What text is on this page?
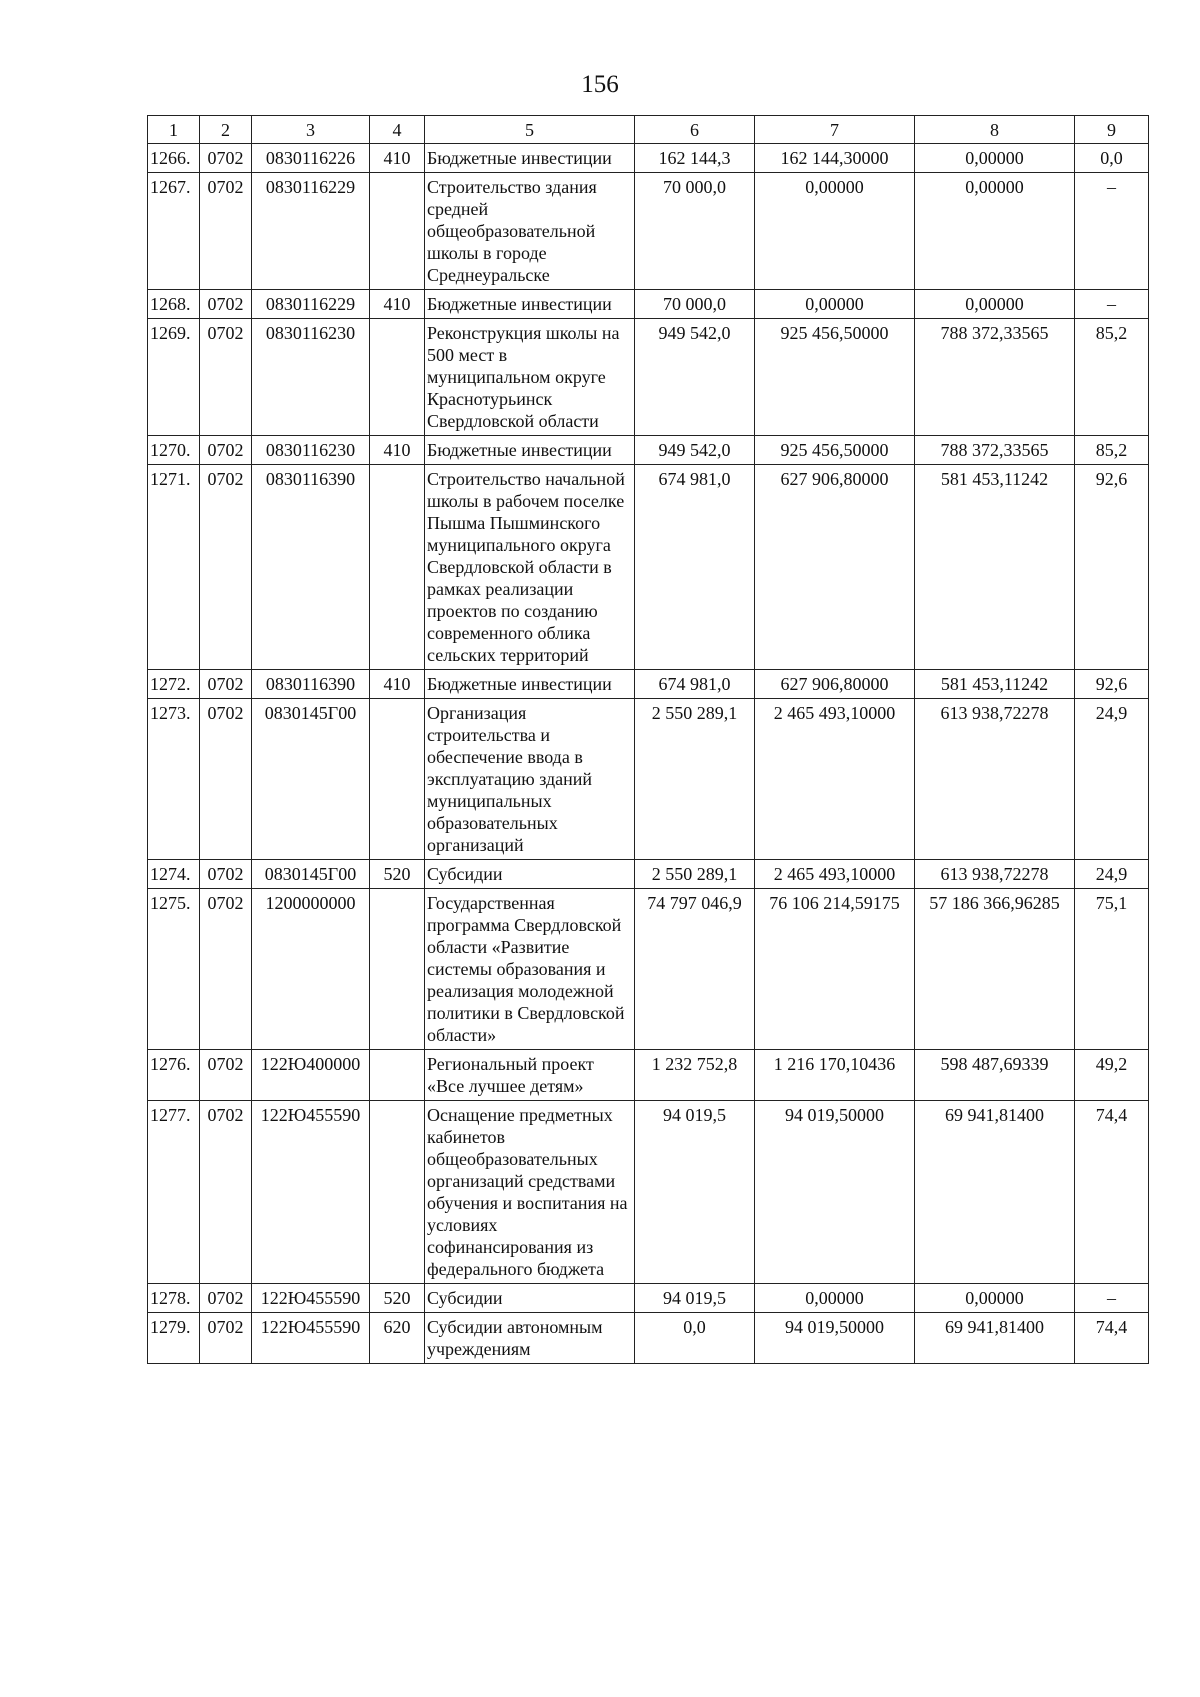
156
1	2	3	4	5	6	7	8	9
1266.	0702	0830116226	410	Бюджетные инвестиции	162 144,3	162 144,30000	0,00000	0,0
1267.	0702	0830116229		Строительство здания средней общеобразовательной школы в городе Среднеуральске	70 000,0	0,00000	0,00000	–
1268.	0702	0830116229	410	Бюджетные инвестиции	70 000,0	0,00000	0,00000	–
1269.	0702	0830116230		Реконструкция школы на 500 мест в муниципальном округе Краснотурьинск Свердловской области	949 542,0	925 456,50000	788 372,33565	85,2
1270.	0702	0830116230	410	Бюджетные инвестиции	949 542,0	925 456,50000	788 372,33565	85,2
1271.	0702	0830116390		Строительство начальной школы в рабочем поселке Пышма Пышминского муниципального округа Свердловской области в рамках реализации проектов по созданию современного облика сельских территорий	674 981,0	627 906,80000	581 453,11242	92,6
1272.	0702	0830116390	410	Бюджетные инвестиции	674 981,0	627 906,80000	581 453,11242	92,6
1273.	0702	0830145Г00		Организация строительства и обеспечение ввода в эксплуатацию зданий муниципальных образовательных организаций	2 550 289,1	2 465 493,10000	613 938,72278	24,9
1274.	0702	0830145Г00	520	Субсидии	2 550 289,1	2 465 493,10000	613 938,72278	24,9
1275.	0702	1200000000		Государственная программа Свердловской области «Развитие системы образования и реализация молодежной политики в Свердловской области»	74 797 046,9	76 106 214,59175	57 186 366,96285	75,1
1276.	0702	122Ю400000		Региональный проект «Все лучшее детям»	1 232 752,8	1 216 170,10436	598 487,69339	49,2
1277.	0702	122Ю455590		Оснащение предметных кабинетов общеобразовательных организаций средствами обучения и воспитания на условиях софинансирования из федерального бюджета	94 019,5	94 019,50000	69 941,81400	74,4
1278.	0702	122Ю455590	520	Субсидии	94 019,5	0,00000	0,00000	–
1279.	0702	122Ю455590	620	Субсидии автономным учреждениям	0,0	94 019,50000	69 941,81400	74,4
